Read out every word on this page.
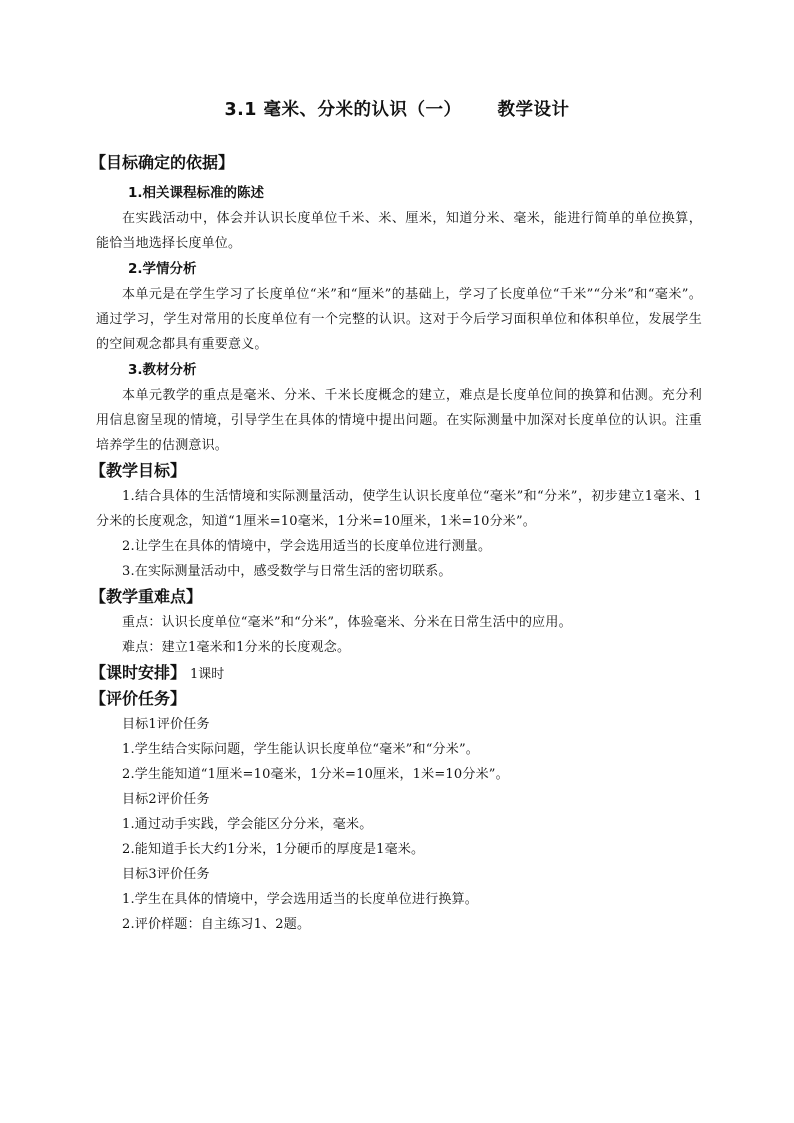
3.1 毫米、分米的认识（一） 教学设计
【目标确定的依据】
1.相关课程标准的陈述
在实践活动中，体会并认识长度单位千米、米、厘米，知道分米、毫米，能进行简单的单位换算，能恰当地选择长度单位。
2.学情分析
本单元是在学生学习了长度单位“米”和“厘米”的基础上，学习了长度单位“千米”“分米”和“毫米”。通过学习，学生对常用的长度单位有一个完整的认识。这对于今后学习面积单位和体积单位，发展学生的空间观念都具有重要意义。
3.教材分析
本单元教学的重点是毫米、分米、千米长度概念的建立，难点是长度单位间的换算和估测。充分利用信息窗呈现的情境，引导学生在具体的情境中提出问题。在实际测量中加深对长度单位的认识。注重培养学生的估测意识。
【教学目标】
1.结合具体的生活情境和实际测量活动，使学生认识长度单位“毫米”和“分米”，初步建立1毫米、1分米的长度观念，知道“1厘米=10毫米，1分米=10厘米，1米=10分米”。
2.让学生在具体的情境中，学会选用适当的长度单位进行测量。
3.在实际测量活动中，感受数学与日常生活的密切联系。
【教学重难点】
重点：认识长度单位“毫米”和“分米”，体验毫米、分米在日常生活中的应用。
难点：建立1毫米和1分米的长度观念。
【课时安排】 1课时
【评价任务】
目标1评价任务
1.学生结合实际问题，学生能认识长度单位“毫米”和“分米”。
2.学生能知道“1厘米=10毫米，1分米=10厘米，1米=10分米”。
目标2评价任务
1.通过动手实践，学会能区分分米，毫米。
2.能知道手长大约1分米，1分硬币的厚度是1毫米。
目标3评价任务
1.学生在具体的情境中，学会选用适当的长度单位进行换算。
2.评价样题：自主练习1、2题。
